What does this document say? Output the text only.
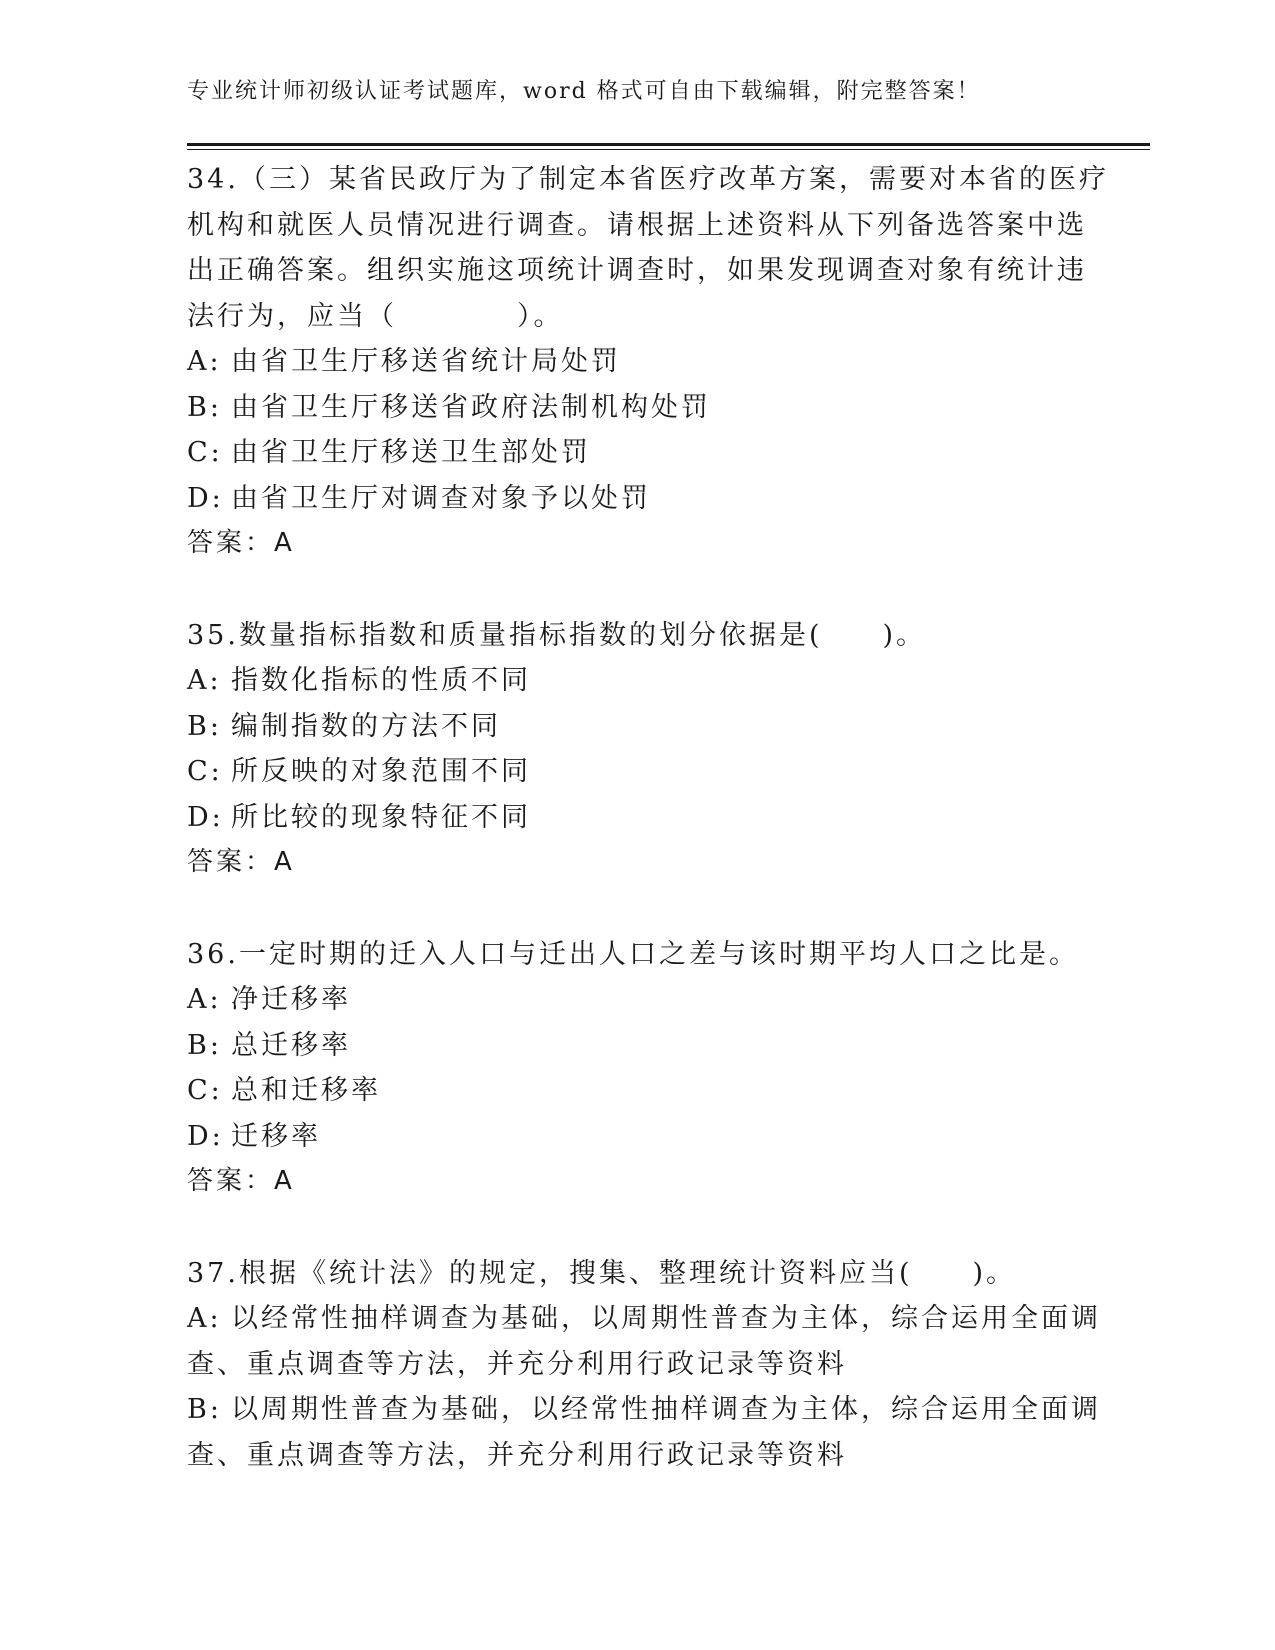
专业统计师初级认证考试题库，word 格式可自由下载编辑，附完整答案！
34.（三）某省民政厅为了制定本省医疗改革方案，需要对本省的医疗
机构和就医人员情况进行调查。请根据上述资料从下列备选答案中选
出正确答案。组织实施这项统计调查时，如果发现调查对象有统计违
法行为，应当（　　　　）。
A: 由省卫生厅移送省统计局处罚
B: 由省卫生厅移送省政府法制机构处罚
C: 由省卫生厅移送卫生部处罚
D: 由省卫生厅对调查对象予以处罚
答案：A
35.数量指标指数和质量指标指数的划分依据是(　　)。
A: 指数化指标的性质不同
B: 编制指数的方法不同
C: 所反映的对象范围不同
D: 所比较的现象特征不同
答案：A
36.一定时期的迁入人口与迁出人口之差与该时期平均人口之比是。
A: 净迁移率
B: 总迁移率
C: 总和迁移率
D: 迁移率
答案：A
37.根据《统计法》的规定，搜集、整理统计资料应当(　　)。
A: 以经常性抽样调查为基础，以周期性普查为主体，综合运用全面调
查、重点调查等方法，并充分利用行政记录等资料
B: 以周期性普查为基础，以经常性抽样调查为主体，综合运用全面调
查、重点调查等方法，并充分利用行政记录等资料
